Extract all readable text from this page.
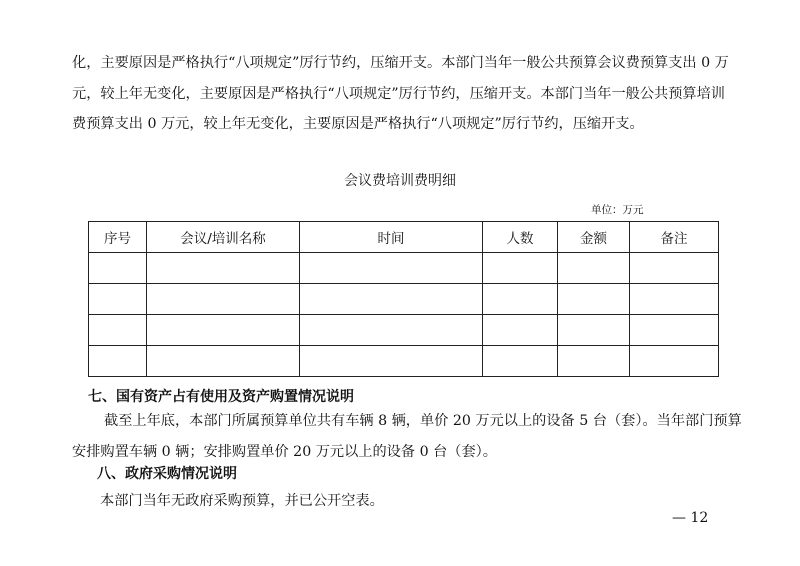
化，主要原因是严格执行“八项规定”厉行节约，压缩开支。本部门当年一般公共预算会议费预算支出 0 万元，较上年无变化，主要原因是严格执行“八项规定”厉行节约，压缩开支。本部门当年一般公共预算培训费预算支出 0 万元，较上年无变化，主要原因是严格执行“八项规定”厉行节约，压缩开支。

会议费培训费明细
单位：万元
序号	会议/培训名称	时间	人数	金额	备注

七、国有资产占有使用及资产购置情况说明

截至上年底，本部门所属预算单位共有车辆 8 辆，单价 20 万元以上的设备 5 台（套）。当年部门预算安排购置车辆 0 辆；安排购置单价 20 万元以上的设备 0 台（套）。

八、政府采购情况说明

本部门当年无政府采购预算，并已公开空表。

— 12
